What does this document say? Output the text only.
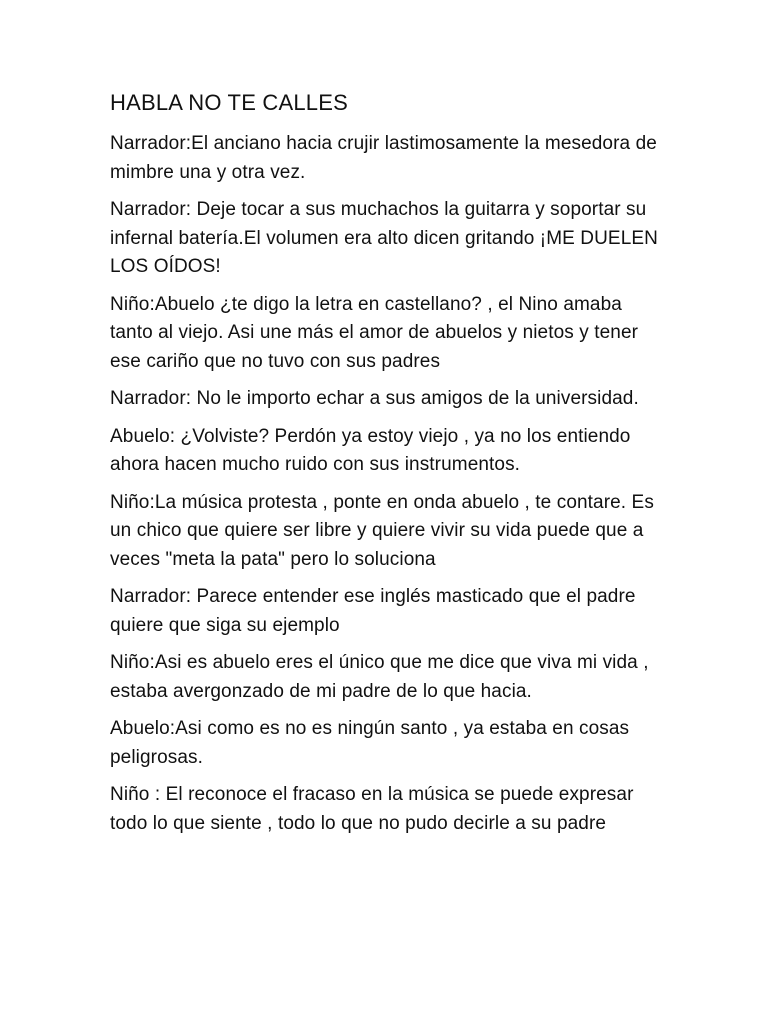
HABLA NO TE CALLES

Narrador:El anciano hacia crujir lastimosamente la mesedora de mimbre una y otra vez.

Narrador: Deje tocar a sus muchachos la guitarra y soportar su infernal batería.El volumen era alto dicen gritando ¡ME DUELEN LOS OÍDOS!

Niño:Abuelo ¿te digo la letra en castellano? , el Nino amaba tanto al viejo. Asi une más el amor de abuelos y nietos y tener ese cariño que no tuvo con sus padres

Narrador: No le importo echar a sus amigos de la universidad.

Abuelo: ¿Volviste? Perdón ya estoy viejo , ya no los entiendo ahora hacen mucho ruido con sus instrumentos.

Niño:La música protesta , ponte en onda abuelo , te contare. Es un chico que quiere ser libre y quiere vivir su vida puede que a veces "meta la pata" pero lo soluciona

Narrador: Parece entender ese inglés masticado que el padre quiere que siga su ejemplo

Niño:Asi es abuelo eres el único que me dice que viva mi vida , estaba avergonzado de mi padre de lo que hacia.

Abuelo:Asi como es no es ningún santo , ya estaba en cosas peligrosas.

Niño : El reconoce el fracaso en la música se puede expresar todo lo que siente , todo lo que no pudo decirle a su padre
